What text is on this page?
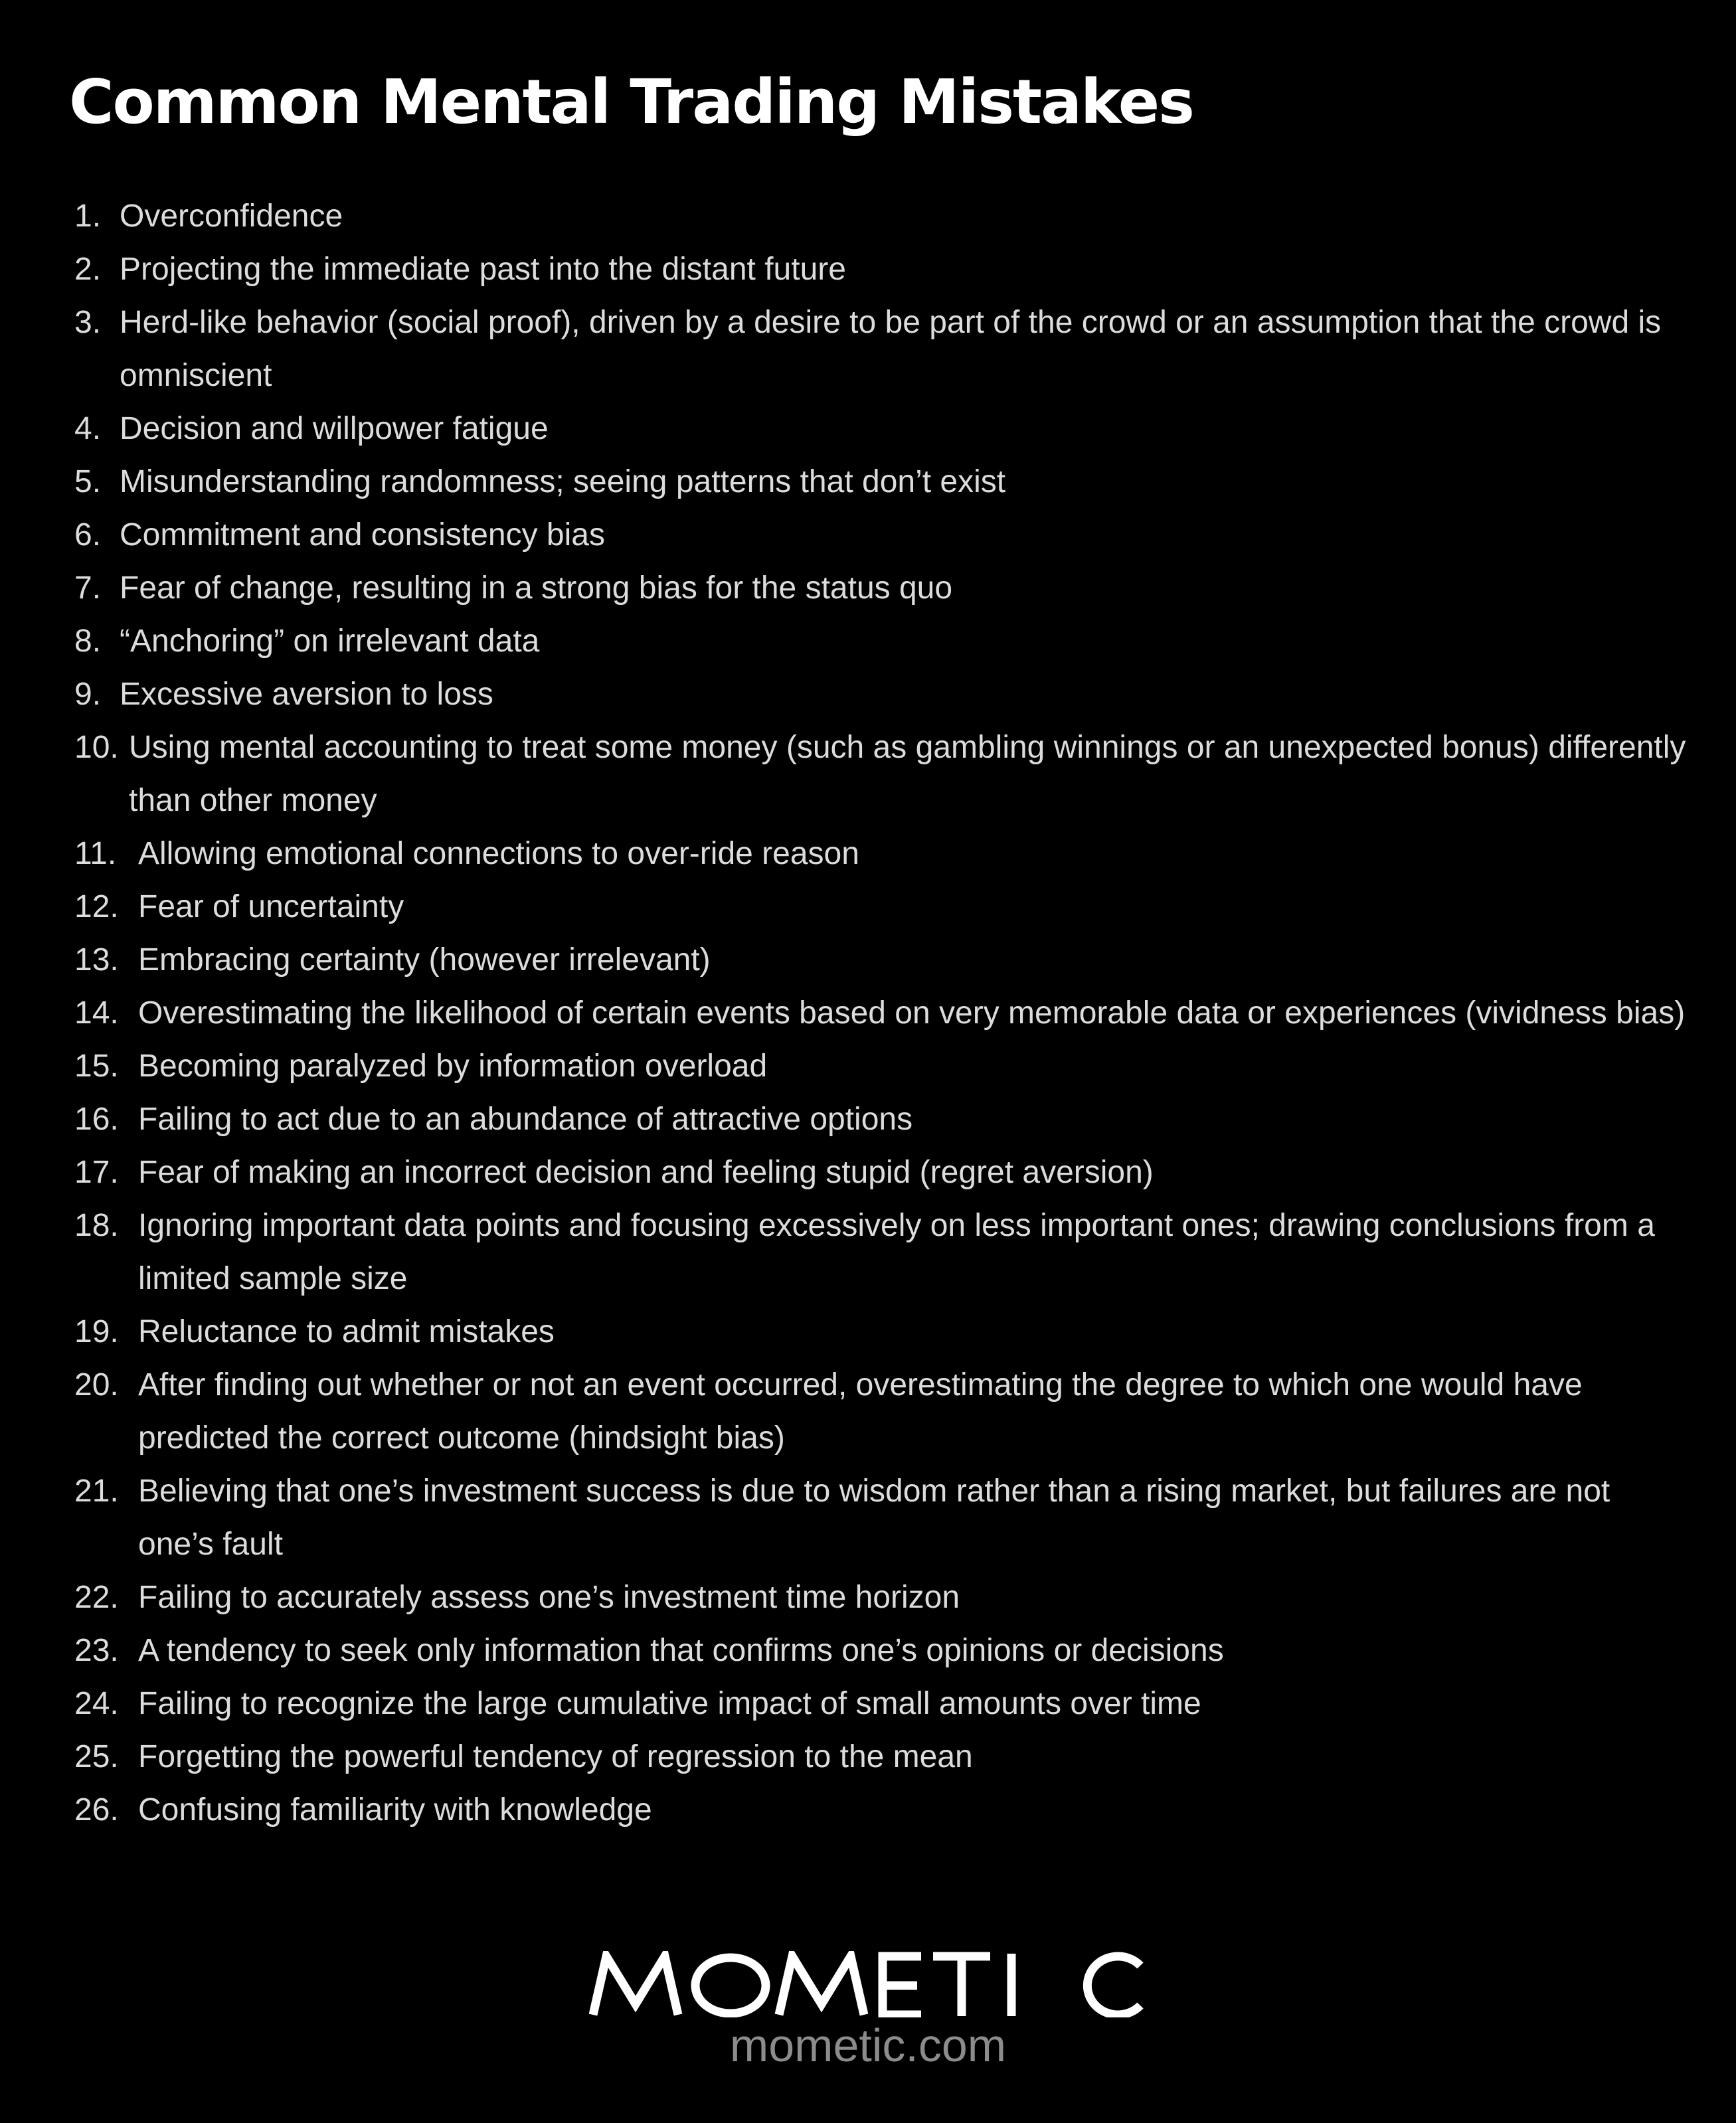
Common Mental Trading Mistakes
1. Overconfidence
2. Projecting the immediate past into the distant future
3. Herd-like behavior (social proof), driven by a desire to be part of the crowd or an assumption that the crowd is omniscient
4. Decision and willpower fatigue
5. Misunderstanding randomness; seeing patterns that don’t exist
6. Commitment and consistency bias
7. Fear of change, resulting in a strong bias for the status quo
8. “Anchoring” on irrelevant data
9. Excessive aversion to loss
10. Using mental accounting to treat some money (such as gambling winnings or an unexpected bonus) differently than other money
11. Allowing emotional connections to over-ride reason
12. Fear of uncertainty
13. Embracing certainty (however irrelevant)
14. Overestimating the likelihood of certain events based on very memorable data or experiences (vividness bias)
15. Becoming paralyzed by information overload
16. Failing to act due to an abundance of attractive options
17. Fear of making an incorrect decision and feeling stupid (regret aversion)
18. Ignoring important data points and focusing excessively on less important ones; drawing conclusions from a limited sample size
19. Reluctance to admit mistakes
20. After finding out whether or not an event occurred, overestimating the degree to which one would have predicted the correct outcome (hindsight bias)
21. Believing that one’s investment success is due to wisdom rather than a rising market, but failures are not one’s fault
22. Failing to accurately assess one’s investment time horizon
23. A tendency to seek only information that confirms one’s opinions or decisions
24. Failing to recognize the large cumulative impact of small amounts over time
25. Forgetting the powerful tendency of regression to the mean
26. Confusing familiarity with knowledge
mometic.com
